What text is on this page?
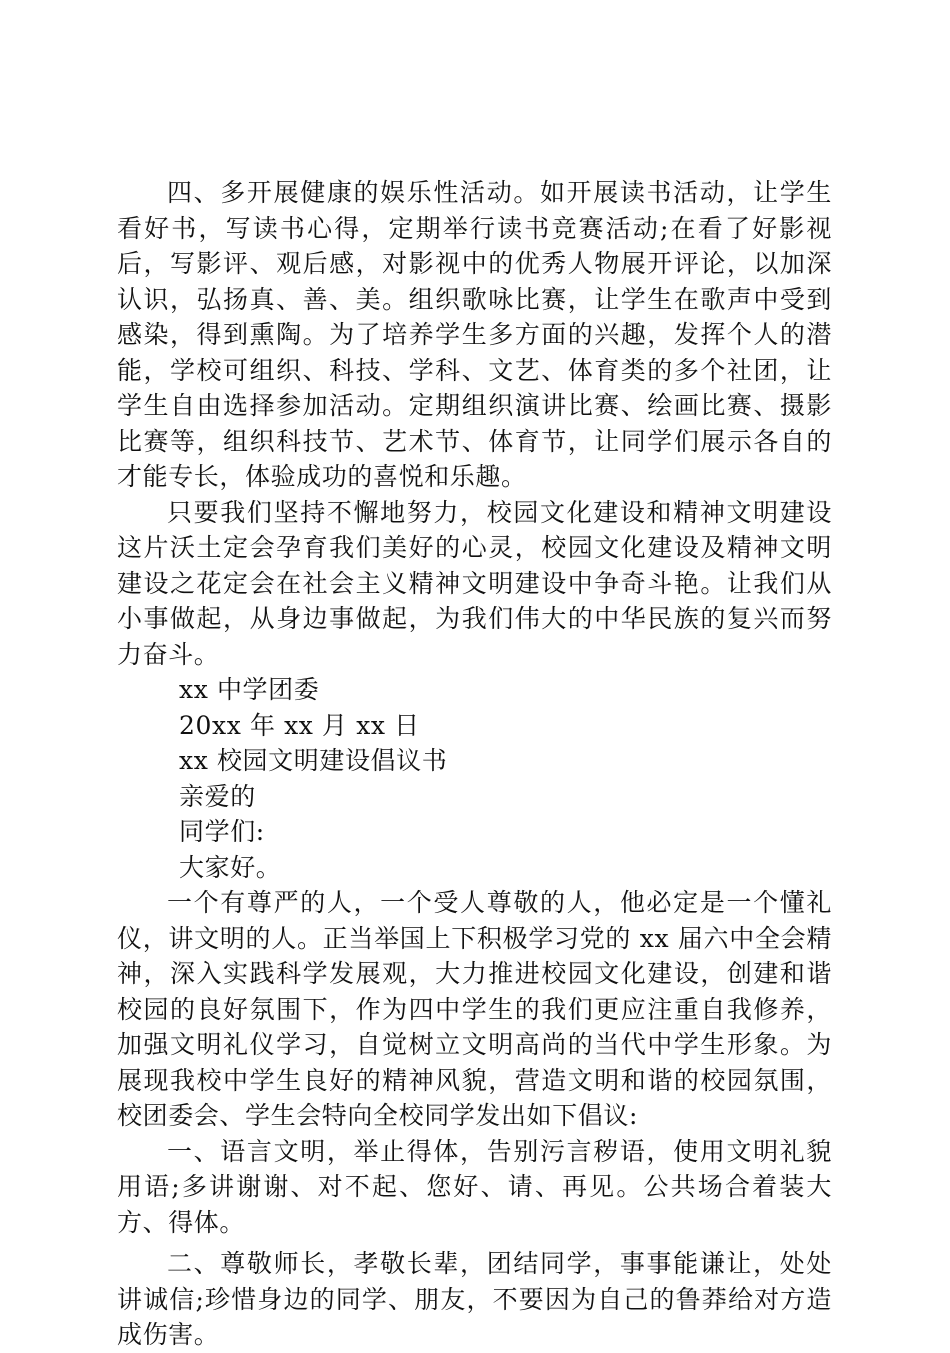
四、多开展健康的娱乐性活动。如开展读书活动，让学生看好书，写读书心得，定期举行读书竞赛活动;在看了好影视后，写影评、观后感，对影视中的优秀人物展开评论，以加深认识，弘扬真、善、美。组织歌咏比赛，让学生在歌声中受到感染，得到熏陶。为了培养学生多方面的兴趣，发挥个人的潜能，学校可组织、科技、学科、文艺、体育类的多个社团，让学生自由选择参加活动。定期组织演讲比赛、绘画比赛、摄影比赛等，组织科技节、艺术节、体育节，让同学们展示各自的才能专长，体验成功的喜悦和乐趣。

只要我们坚持不懈地努力，校园文化建设和精神文明建设这片沃土定会孕育我们美好的心灵，校园文化建设及精神文明建设之花定会在社会主义精神文明建设中争奇斗艳。让我们从小事做起，从身边事做起，为我们伟大的中华民族的复兴而努力奋斗。

xx 中学团委

20xx 年 xx 月 xx 日

xx 校园文明建设倡议书

亲爱的

同学们:

大家好。

一个有尊严的人，一个受人尊敬的人，他必定是一个懂礼仪，讲文明的人。正当举国上下积极学习党的 xx 届六中全会精神，深入实践科学发展观，大力推进校园文化建设，创建和谐校园的良好氛围下，作为四中学生的我们更应注重自我修养，加强文明礼仪学习，自觉树立文明高尚的当代中学生形象。为展现我校中学生良好的精神风貌，营造文明和谐的校园氛围，校团委会、学生会特向全校同学发出如下倡议:

一、语言文明，举止得体，告别污言秽语，使用文明礼貌用语;多讲谢谢、对不起、您好、请、再见。公共场合着装大方、得体。

二、尊敬师长，孝敬长辈，团结同学，事事能谦让，处处讲诚信;珍惜身边的同学、朋友，不要因为自己的鲁莽给对方造成伤害。
